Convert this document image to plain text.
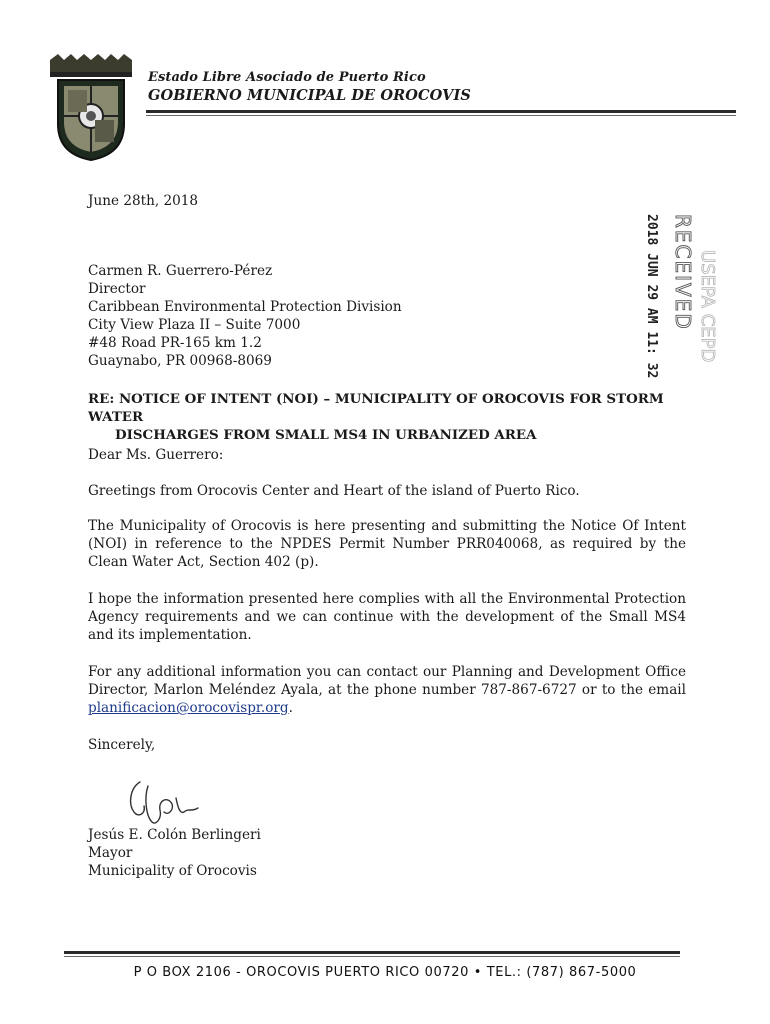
Estado Libre Asociado de Puerto Rico
GOBIERNO MUNICIPAL DE OROCOVIS
June 28th, 2018
2018 JUN 29 AM 11: 32 RECEIVED USEPA CEPD
Carmen R. Guerrero-Pérez
Director
Caribbean Environmental Protection Division
City View Plaza II – Suite 7000
#48 Road PR-165 km 1.2
Guaynabo, PR 00968-8069
RE: NOTICE OF INTENT (NOI) – MUNICIPALITY OF OROCOVIS FOR STORM WATER
DISCHARGES FROM SMALL MS4 IN URBANIZED AREA
Dear Ms. Guerrero:
Greetings from Orocovis Center and Heart of the island of Puerto Rico.
The Municipality of Orocovis is here presenting and submitting the Notice Of Intent (NOI) in reference to the NPDES Permit Number PRR040068, as required by the Clean Water Act, Section 402 (p).
I hope the information presented here complies with all the Environmental Protection Agency requirements and we can continue with the development of the Small MS4 and its implementation.
For any additional information you can contact our Planning and Development Office Director, Marlon Meléndez Ayala, at the phone number 787-867-6727 or to the email planificacion@orocovispr.org.
Sincerely,
Jesús E. Colón Berlingeri
Mayor
Municipality of Orocovis
P O BOX 2106 - OROCOVIS PUERTO RICO 00720 • TEL.: (787) 867-5000
